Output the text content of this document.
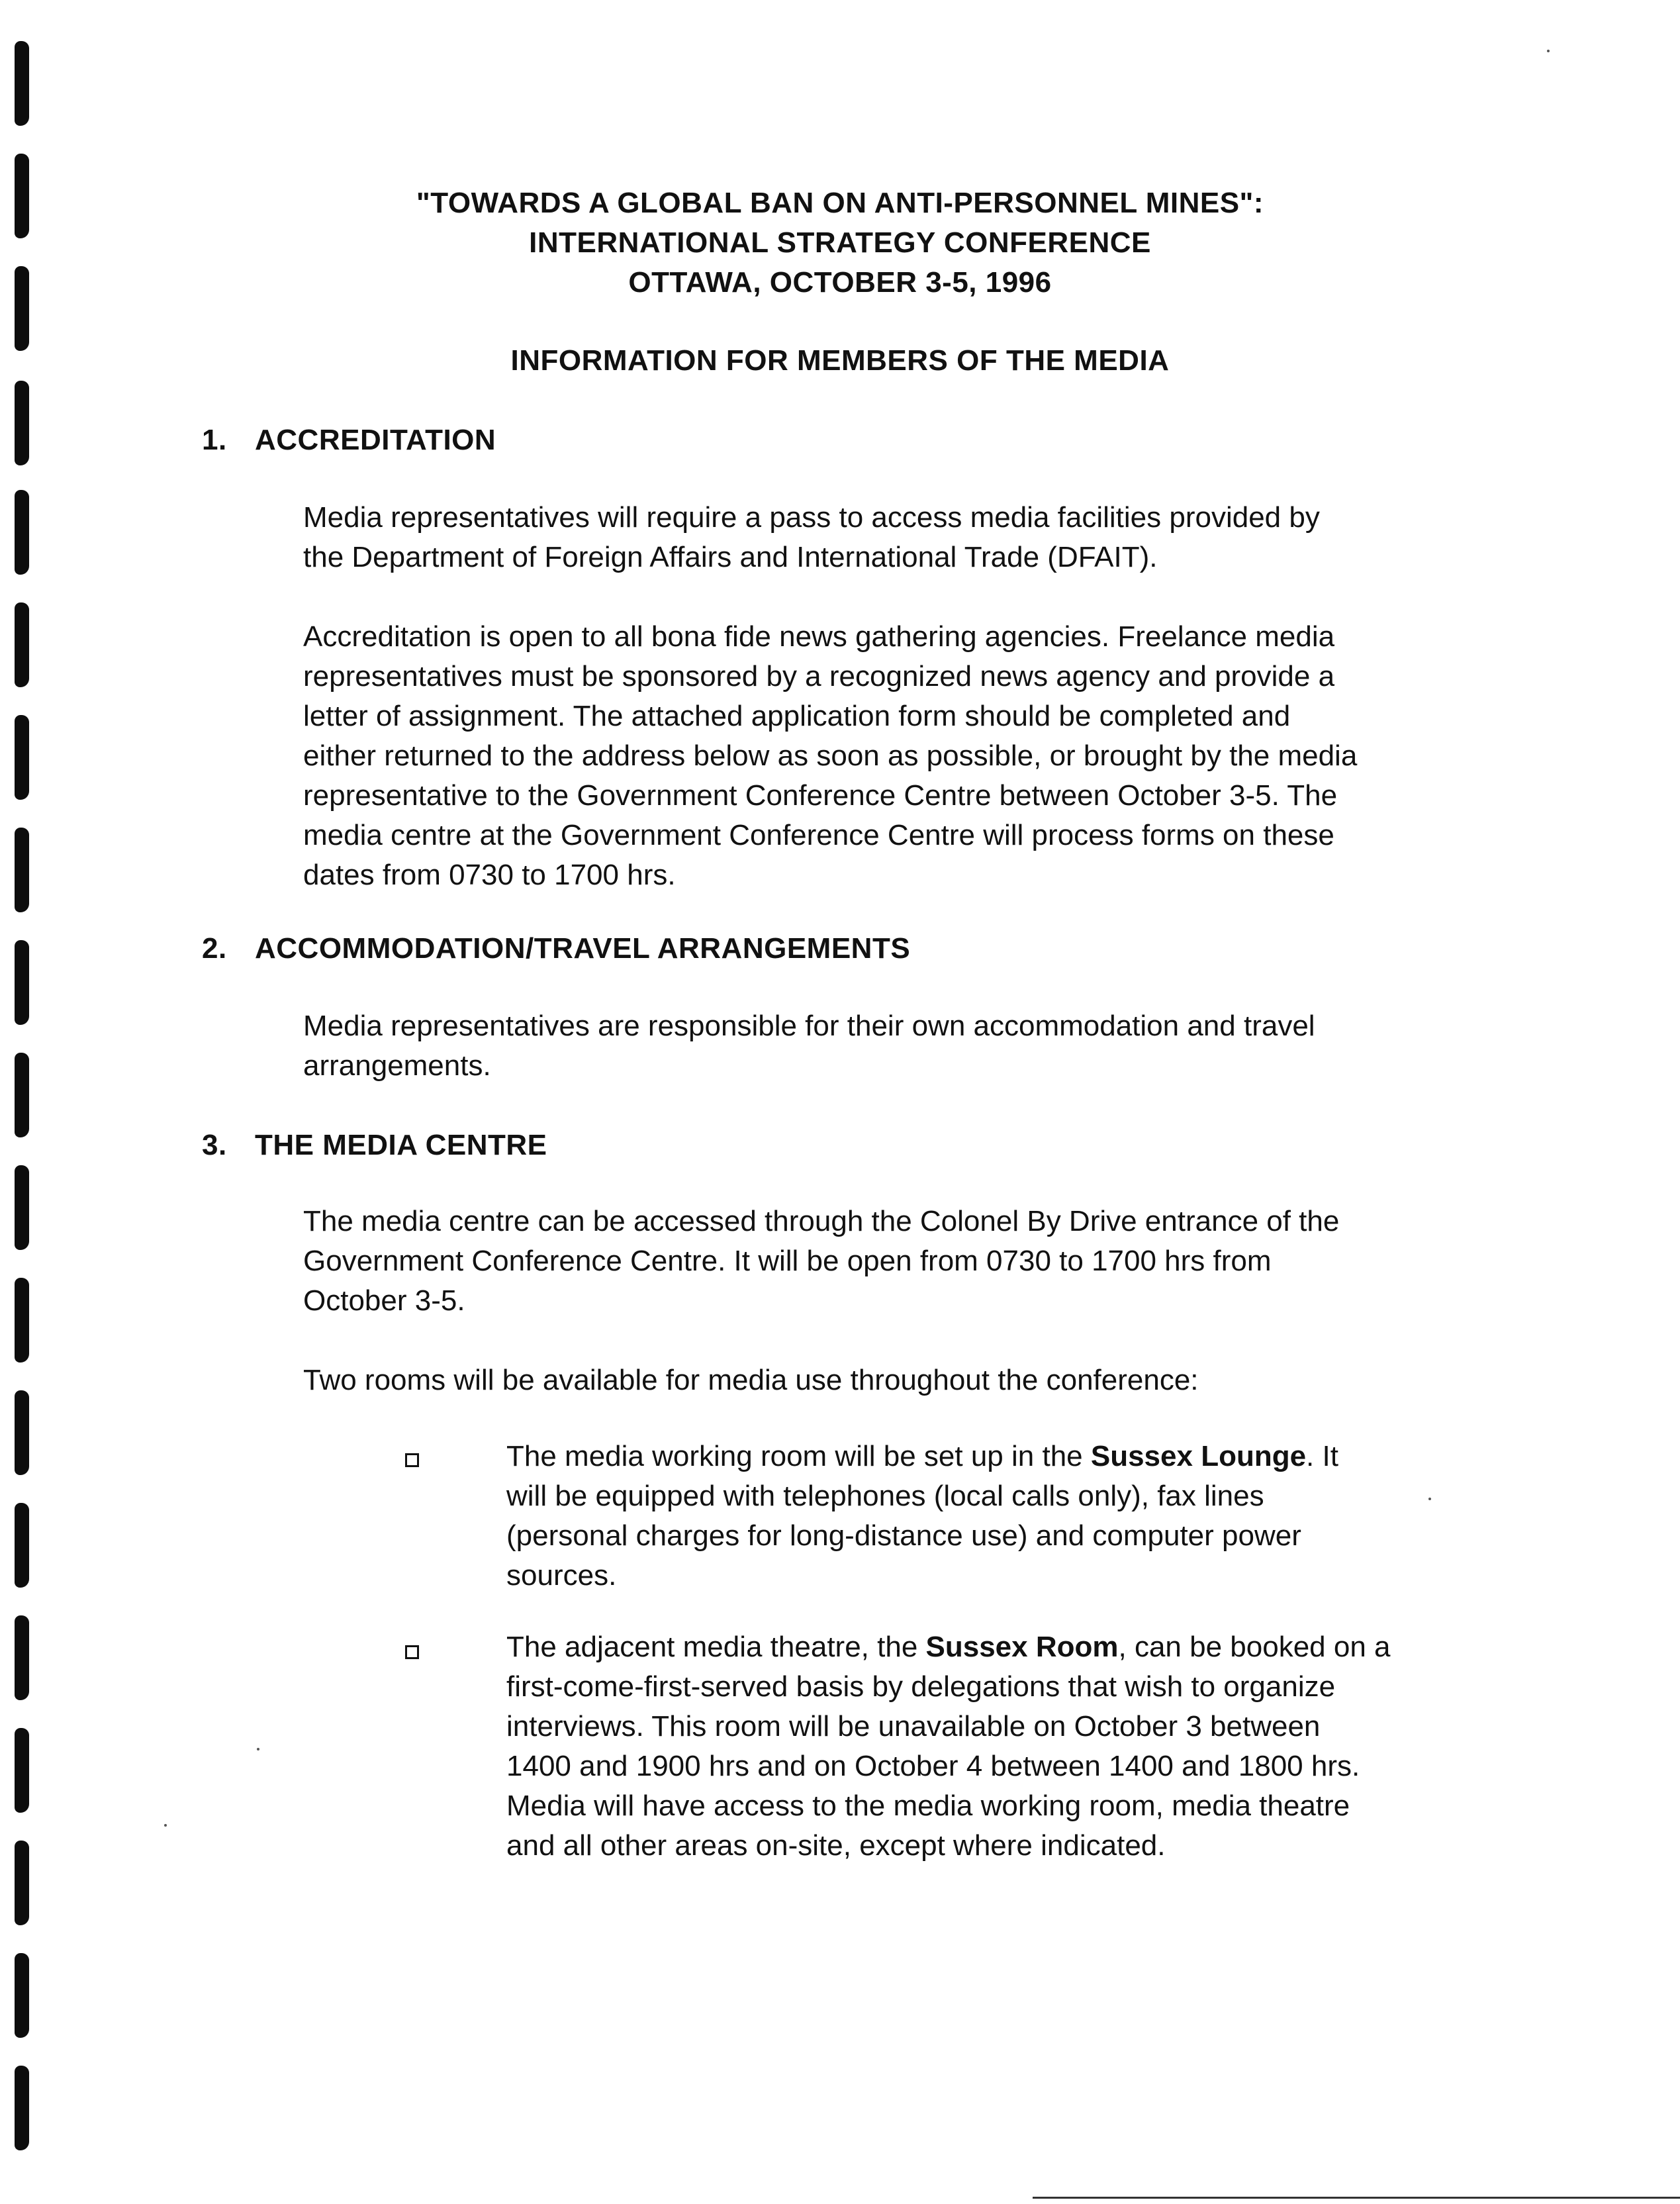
"TOWARDS A GLOBAL BAN ON ANTI-PERSONNEL MINES":
INTERNATIONAL STRATEGY CONFERENCE
OTTAWA, OCTOBER 3-5, 1996
INFORMATION FOR MEMBERS OF THE MEDIA
1. ACCREDITATION

Media representatives will require a pass to access media facilities provided by
the Department of Foreign Affairs and International Trade (DFAIT).

Accreditation is open to all bona fide news gathering agencies. Freelance media
representatives must be sponsored by a recognized news agency and provide a
letter of assignment. The attached application form should be completed and
either returned to the address below as soon as possible, or brought by the media
representative to the Government Conference Centre between October 3-5. The
media centre at the Government Conference Centre will process forms on these
dates from 0730 to 1700 hrs.

2. ACCOMMODATION/TRAVEL ARRANGEMENTS

Media representatives are responsible for their own accommodation and travel
arrangements.

3. THE MEDIA CENTRE

The media centre can be accessed through the Colonel By Drive entrance of the
Government Conference Centre. It will be open from 0730 to 1700 hrs from
October 3-5.

Two rooms will be available for media use throughout the conference:

The media working room will be set up in the Sussex Lounge. It
will be equipped with telephones (local calls only), fax lines
(personal charges for long-distance use) and computer power
sources.

The adjacent media theatre, the Sussex Room, can be booked on a
first-come-first-served basis by delegations that wish to organize
interviews. This room will be unavailable on October 3 between
1400 and 1900 hrs and on October 4 between 1400 and 1800 hrs.
Media will have access to the media working room, media theatre
and all other areas on-site, except where indicated.
